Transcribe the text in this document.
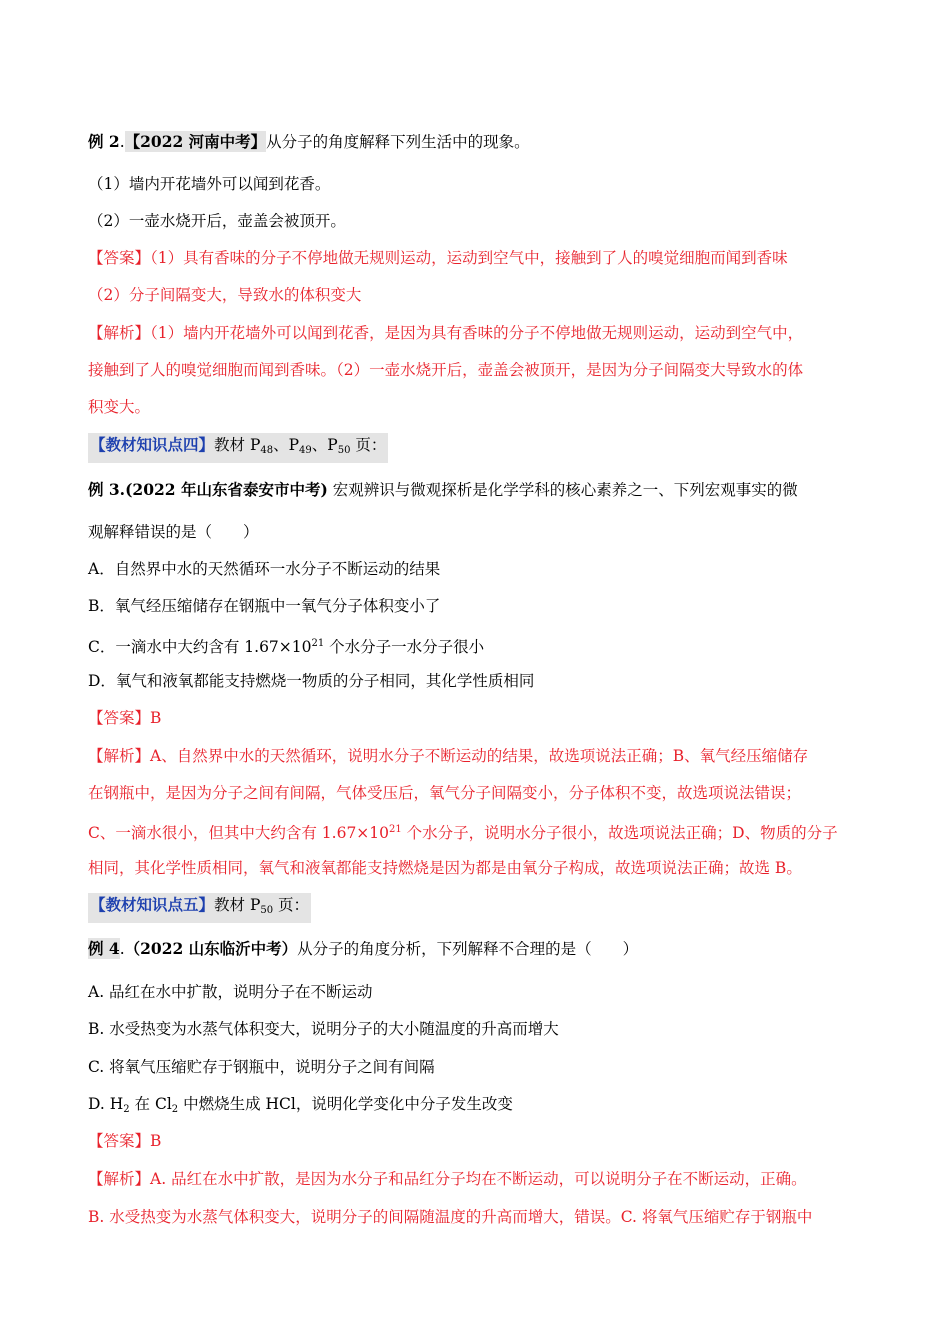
例 2.【2022 河南中考】从分子的角度解释下列生活中的现象。
（1）墙内开花墙外可以闻到花香。
（2）一壶水烧开后，壶盖会被顶开。
【答案】（1）具有香味的分子不停地做无规则运动，运动到空气中，接触到了人的嗅觉细胞而闻到香味
（2）分子间隔变大，导致水的体积变大
【解析】（1）墙内开花墙外可以闻到花香，是因为具有香味的分子不停地做无规则运动，运动到空气中，
接触到了人的嗅觉细胞而闻到香味。（2）一壶水烧开后，壶盖会被顶开，是因为分子间隔变大导致水的体
积变大。
【教材知识点四】教材 $P_{48}$、$P_{49}$、$P_{50}$ 页：
例 3.(2022 年山东省泰安市中考) 宏观辨识与微观探析是化学学科的核心素养之一、下列宏观事实的微
观解释错误的是（　　）
A．自然界中水的天然循环一水分子不断运动的结果
B．氧气经压缩储存在钢瓶中一氧气分子体积变小了
C．一滴水中大约含有 $1.67\times 10^{21}$ 个水分子一水分子很小
D．氧气和液氧都能支持燃烧一物质的分子相同，其化学性质相同
【答案】B
【解析】A、自然界中水的天然循环，说明水分子不断运动的结果，故选项说法正确；B、氧气经压缩储存
在钢瓶中，是因为分子之间有间隔，气体受压后，氧气分子间隔变小，分子体积不变，故选项说法错误；
C、一滴水很小，但其中大约含有 $1.67\times 10^{21}$ 个水分子，说明水分子很小，故选项说法正确；D、物质的分子
相同，其化学性质相同，氧气和液氧都能支持燃烧是因为都是由氧分子构成，故选项说法正确；故选 B。
【教材知识点五】教材 $P_{50}$ 页：
例 4.（2022 山东临沂中考）从分子的角度分析，下列解释不合理的是（　　）
A. 品红在水中扩散，说明分子在不断运动
B. 水受热变为水蒸气体积变大，说明分子的大小随温度的升高而增大
C. 将氧气压缩贮存于钢瓶中，说明分子之间有间隔
D. $H_2$ 在 $Cl_2$ 中燃烧生成 HCl，说明化学变化中分子发生改变
【答案】B
【解析】A. 品红在水中扩散，是因为水分子和品红分子均在不断运动，可以说明分子在不断运动，正确。
B. 水受热变为水蒸气体积变大，说明分子的间隔随温度的升高而增大，错误。C. 将氧气压缩贮存于钢瓶中
